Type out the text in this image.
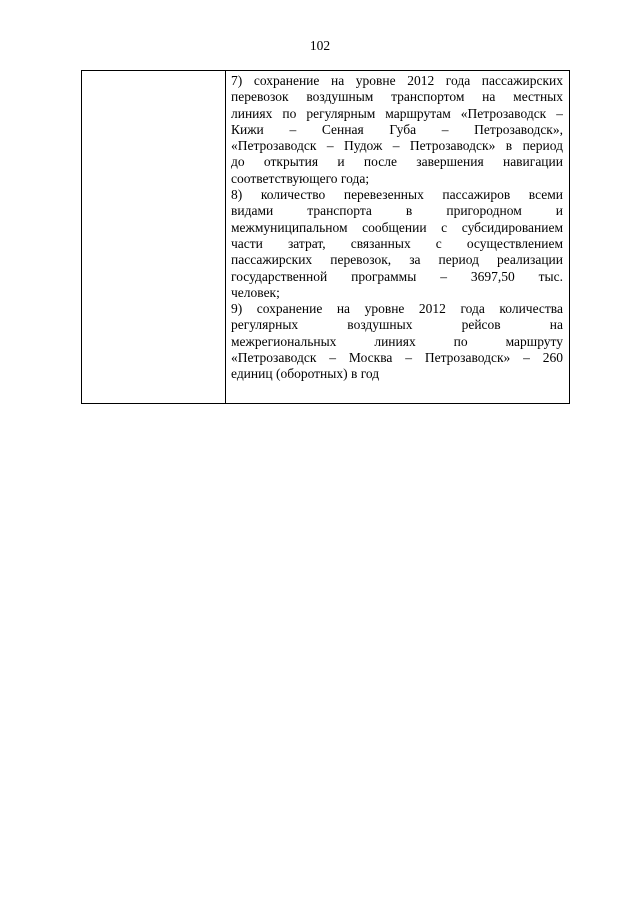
102

7) сохранение на уровне 2012 года пассажирских
перевозок воздушным транспортом на местных
линиях по регулярным маршрутам «Петрозаводск –
Кижи – Сенная Губа – Петрозаводск»,
«Петрозаводск – Пудож – Петрозаводск» в период
до открытия и после завершения навигации
соответствующего года;
8) количество перевезенных пассажиров всеми
видами транспорта в пригородном и
межмуниципальном сообщении с субсидированием
части затрат, связанных с осуществлением
пассажирских перевозок, за период реализации
государственной программы – 3697,50 тыс.
человек;
9) сохранение на уровне 2012 года количества
регулярных воздушных рейсов на
межрегиональных линиях по маршруту
«Петрозаводск – Москва – Петрозаводск» – 260
единиц (оборотных) в год
